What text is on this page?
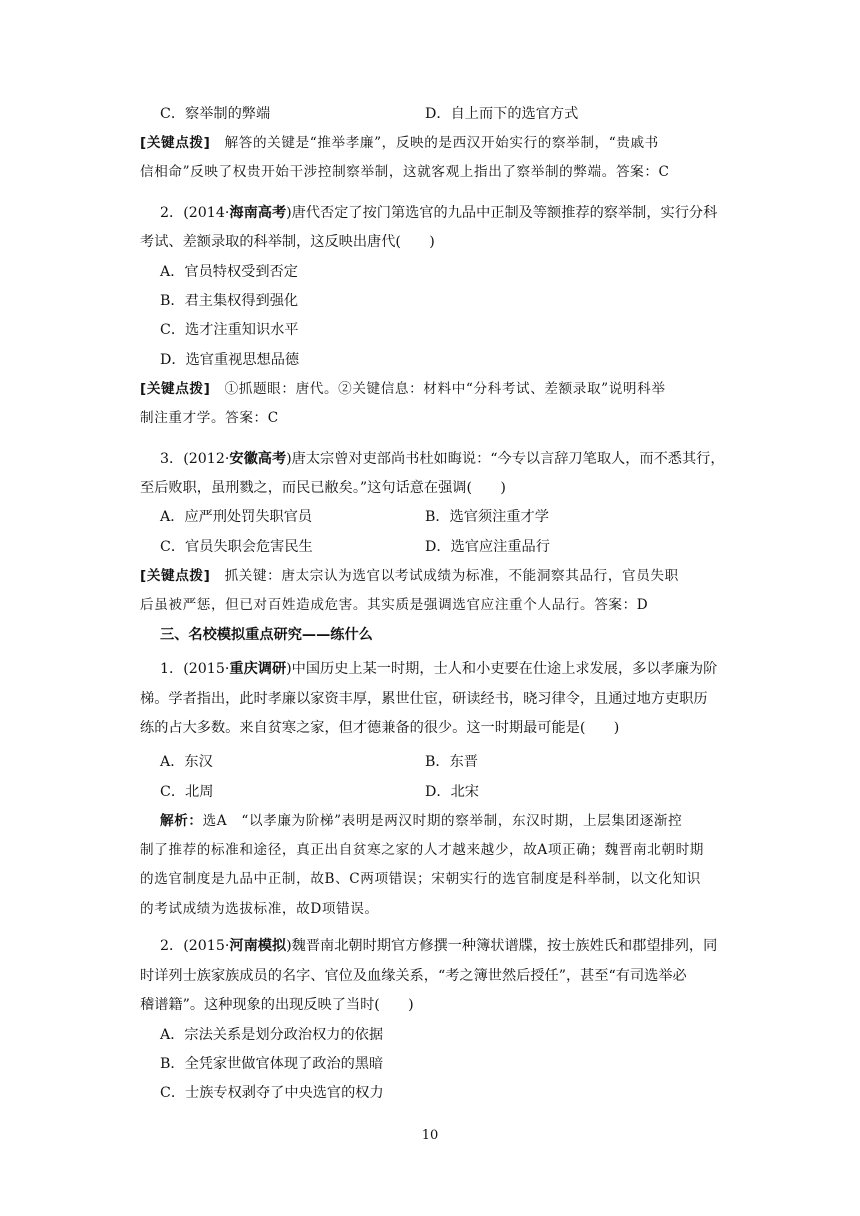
C．察举制的弊端	D．自上而下的选官方式
[关键点拨]　解答的关键是“推举孝廉”，反映的是西汉开始实行的察举制，“贵戚书
信相命”反映了权贵开始干涉控制察举制，这就客观上指出了察举制的弊端。答案：C
2．(2014·海南高考)唐代否定了按门第选官的九品中正制及等额推荐的察举制，实行分科
考试、差额录取的科举制，这反映出唐代(　　)
A．官员特权受到否定
B．君主集权得到强化
C．选才注重知识水平
D．选官重视思想品德
[关键点拨]　①抓题眼：唐代。②关键信息：材料中“分科考试、差额录取”说明科举
制注重才学。答案：C
3．(2012·安徽高考)唐太宗曾对吏部尚书杜如晦说：“今专以言辞刀笔取人，而不悉其行，
至后败职，虽刑戮之，而民已敝矣。”这句话意在强调(　　)
A．应严刑处罚失职官员	B．选官须注重才学
C．官员失职会危害民生	D．选官应注重品行
[关键点拨]　抓关键：唐太宗认为选官以考试成绩为标准，不能洞察其品行，官员失职
后虽被严惩，但已对百姓造成危害。其实质是强调选官应注重个人品行。答案：D
三、名校模拟重点研究——练什么
1．(2015·重庆调研)中国历史上某一时期，士人和小吏要在仕途上求发展，多以孝廉为阶
梯。学者指出，此时孝廉以家资丰厚，累世仕宦，研读经书，晓习律令，且通过地方吏职历
练的占大多数。来自贫寒之家，但才德兼备的很少。这一时期最可能是(　　)
A．东汉	B．东晋
C．北周	D．北宋
解析：选A　“以孝廉为阶梯”表明是两汉时期的察举制，东汉时期，上层集团逐渐控
制了推荐的标准和途径，真正出自贫寒之家的人才越来越少，故A项正确；魏晋南北朝时期
的选官制度是九品中正制，故B、C两项错误；宋朝实行的选官制度是科举制，以文化知识
的考试成绩为选拔标准，故D项错误。
2．(2015·河南模拟)魏晋南北朝时期官方修撰一种簿状谱牒，按士族姓氏和郡望排列，同
时详列士族家族成员的名字、官位及血缘关系，“考之簿世然后授任”，甚至“有司选举必
稽谱籍”。这种现象的出现反映了当时(　　)
A．宗法关系是划分政治权力的依据
B．全凭家世做官体现了政治的黑暗
C．士族专权剥夺了中央选官的权力
10
